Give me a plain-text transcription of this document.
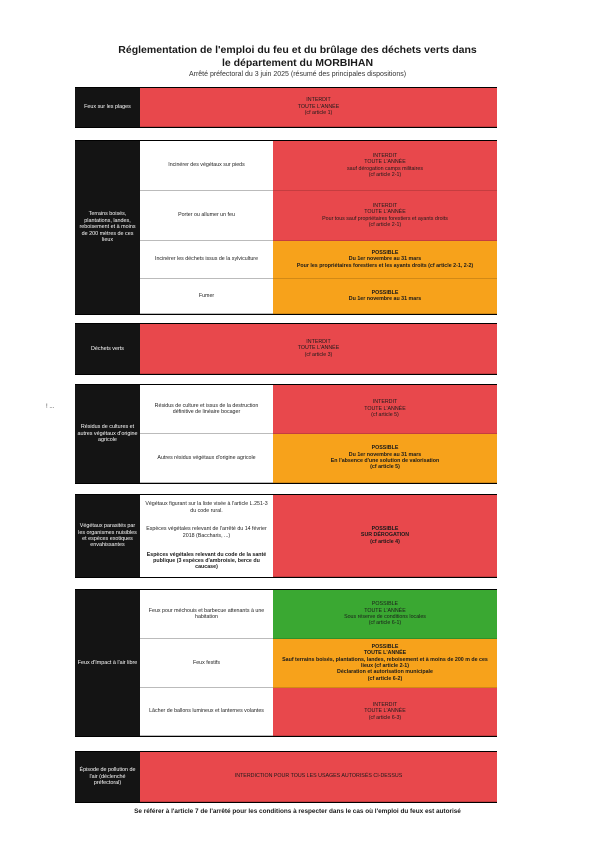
Réglementation de l'emploi du feu et du brûlage des déchets verts dans
le département du MORBIHAN
Arrêté préfectoral du 3 juin 2025 (résumé des principales dispositions)
Feux sur les plages
INTERDIT
TOUTE L'ANNÉE
(cf article 1)
Terrains boisés, plantations, landes, reboisement et à moins de 200 mètres de ces lieux
Incinérer des végétaux sur pieds
INTERDIT
TOUTE L'ANNÉE
sauf dérogation camps militaires
(cf article 2-1)
Porter ou allumer un feu
INTERDIT
TOUTE L'ANNÉE
Pour tous sauf propriétaires forestiers et ayants droits
(cf article 2-1)
Incinérer les déchets issus de la sylviculture
POSSIBLE
Du 1er novembre au 31 mars
Pour les propriétaires forestiers et les ayants droits (cf article 2-1, 2-2)
Fumer
POSSIBLE
Du 1er novembre au 31 mars
Déchets verts
INTERDIT
TOUTE L'ANNÉE
(cf article 3)
! ...
Résidus de cultures et autres végétaux d'origine agricole
Résidus de culture et issus de la destruction définitive de linéaire bocager
INTERDIT
TOUTE L'ANNÉE
(cf article 5)
Autres résidus végétaux d'origine agricole
POSSIBLE
Du 1er novembre au 31 mars
En l'absence d'une solution de valorisation
(cf article 5)
Végétaux parasités par les organismes nuisibles et espèces exotiques envahissantes
Végétaux figurant sur la liste visée à l'article L.251-3 du code rural.
Espèces végétales relevant de l'arrêté du 14 février 2018 (Baccharis, ...)
Espèces végétales relevant du code de la santé publique (3 espèces d'ambroisie, berce du caucase)
POSSIBLE
SUR DÉROGATION
(cf article 4)
Feux d'Impact à l'air libre
Feux pour méchouis et barbecue attenants à une habitation
POSSIBLE
TOUTE L'ANNÉE
Sous réserve de conditions locales
(cf article 6-1)
Feux festifs
POSSIBLE
TOUTE L'ANNÉE
Sauf terrains boisés, plantations, landes, reboisement et à moins de 200 m de ces lieux (cf article 2-1)
Déclaration et autorisation municipale
(cf article 6-2)
Lâcher de ballons lumineux et lanternes volantes
INTERDIT
TOUTE L'ANNÉE
(cf article 6-3)
Épisode de pollution de l'air (déclenché préfectoral)
INTERDICTION POUR TOUS LES USAGES AUTORISÉS CI-DESSUS
Se référer à l'article 7 de l'arrêté pour les conditions à respecter dans le cas où l'emploi du feux est autorisé
